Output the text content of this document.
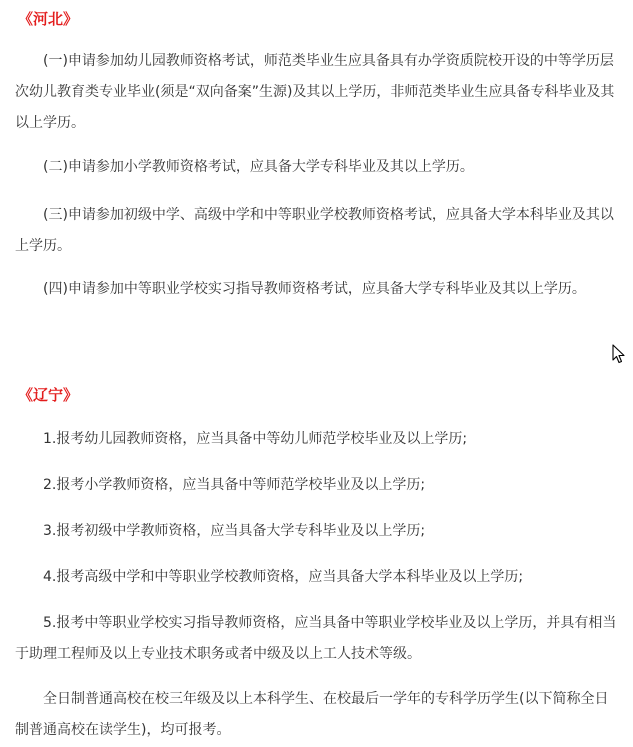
《河北》
(一)申请参加幼儿园教师资格考试，师范类毕业生应具备具有办学资质院校开设的中等学历层次幼儿教育类专业毕业(须是“双向备案”生源)及其以上学历，非师范类毕业生应具备专科毕业及其以上学历。
(二)申请参加小学教师资格考试，应具备大学专科毕业及其以上学历。
(三)申请参加初级中学、高级中学和中等职业学校教师资格考试，应具备大学本科毕业及其以上学历。
(四)申请参加中等职业学校实习指导教师资格考试，应具备大学专科毕业及其以上学历。
《辽宁》
1.报考幼儿园教师资格，应当具备中等幼儿师范学校毕业及以上学历;
2.报考小学教师资格，应当具备中等师范学校毕业及以上学历;
3.报考初级中学教师资格，应当具备大学专科毕业及以上学历;
4.报考高级中学和中等职业学校教师资格，应当具备大学本科毕业及以上学历;
5.报考中等职业学校实习指导教师资格，应当具备中等职业学校毕业及以上学历，并具有相当于助理工程师及以上专业技术职务或者中级及以上工人技术等级。
全日制普通高校在校三年级及以上本科学生、在校最后一学年的专科学历学生(以下简称全日制普通高校在读学生)，均可报考。
